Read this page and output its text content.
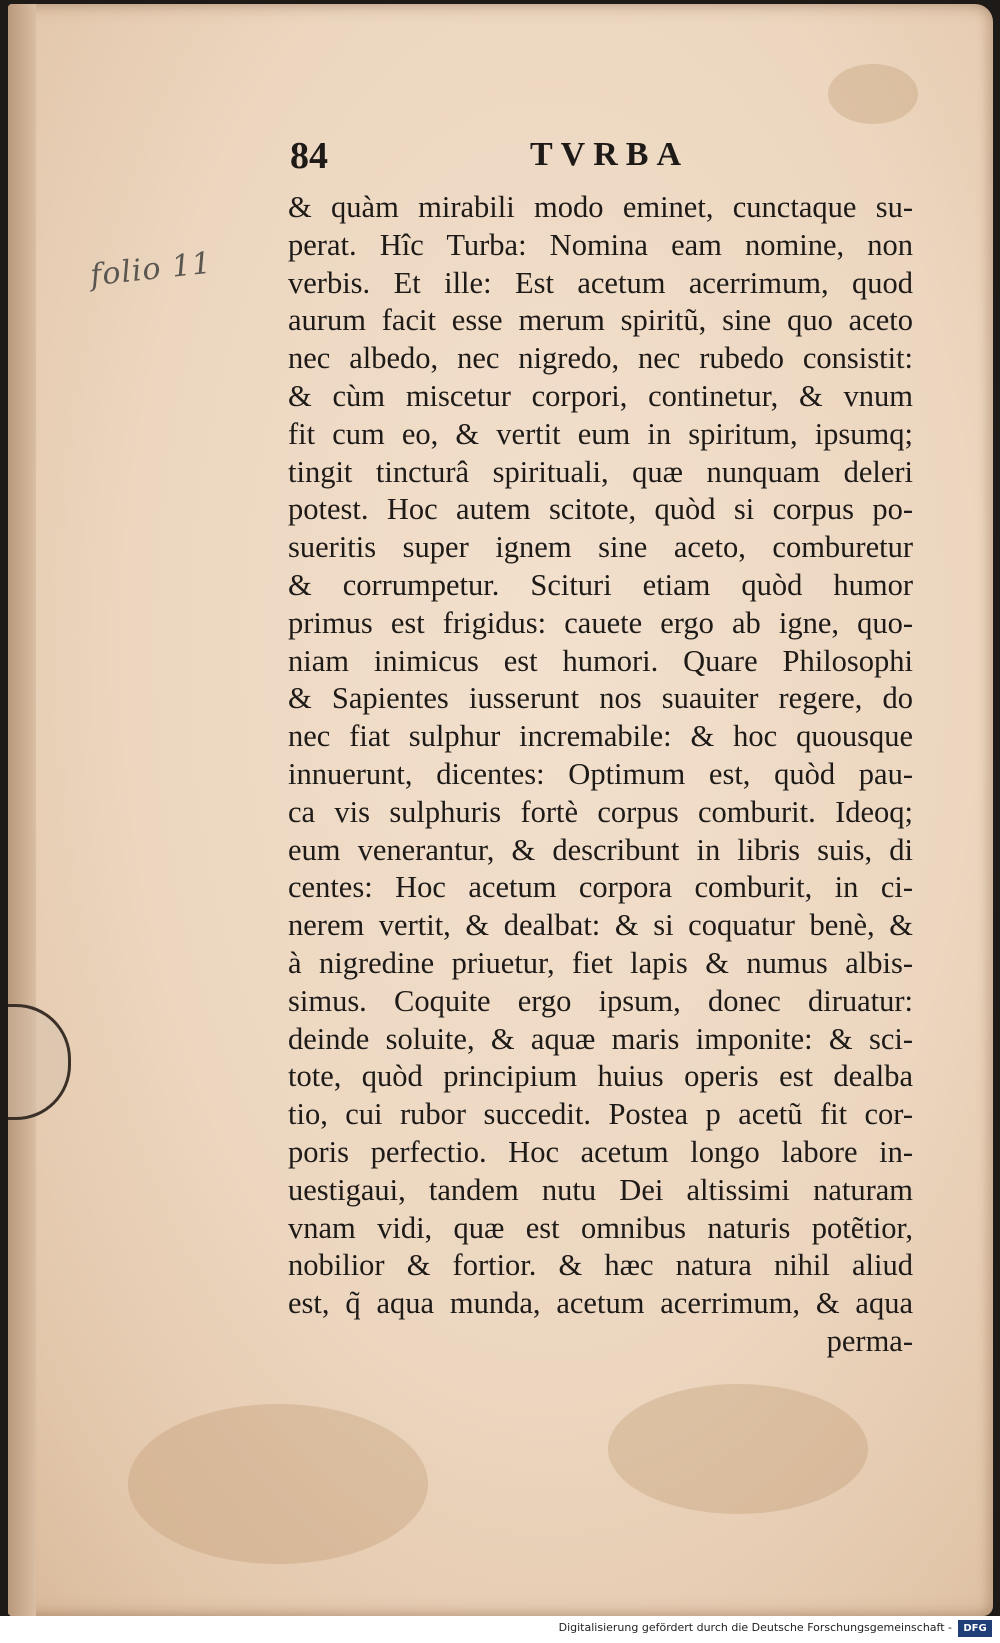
folio 11
84	TVRBA
& quàm mirabili modo eminet, cunctaque su-
perat. Hîc Turba: Nomina eam nomine, non
verbis. Et ille: Est acetum acerrimum, quod
aurum facit esse merum spiritũ, sine quo aceto
nec albedo, nec nigredo, nec rubedo consistit:
& cùm miscetur corpori, continetur, & vnum
fit cum eo, & vertit eum in spiritum, ipsumq;
tingit tincturâ spirituali, quæ nunquam deleri
potest. Hoc autem scitote, quòd si corpus po-
sueritis super ignem sine aceto, comburetur
& corrumpetur. Scituri etiam quòd humor
primus est frigidus: cauete ergo ab igne, quo-
niam inimicus est humori. Quare Philosophi
& Sapientes iusserunt nos suauiter regere, do
nec fiat sulphur incremabile: & hoc quousque
innuerunt, dicentes: Optimum est, quòd pau-
ca vis sulphuris fortè corpus comburit. Ideoq;
eum venerantur, & describunt in libris suis, di
centes: Hoc acetum corpora comburit, in ci-
nerem vertit, & dealbat: & si coquatur benè, &
à nigredine priuetur, fiet lapis & numus albis-
simus. Coquite ergo ipsum, donec diruatur:
deinde soluite, & aquæ maris imponite: & sci-
tote, quòd principium huius operis est dealba
tio, cui rubor succedit. Postea p acetũ fit cor-
poris perfectio. Hoc acetum longo labore in-
uestigaui, tandem nutu Dei altissimi naturam
vnam vidi, quæ est omnibus naturis potẽtior,
nobilior & fortior. & hæc natura nihil aliud
est, q̃ aqua munda, acetum acerrimum, & aqua
perma-
Digitalisierung gefördert durch die Deutsche Forschungsgemeinschaft -	DFG
